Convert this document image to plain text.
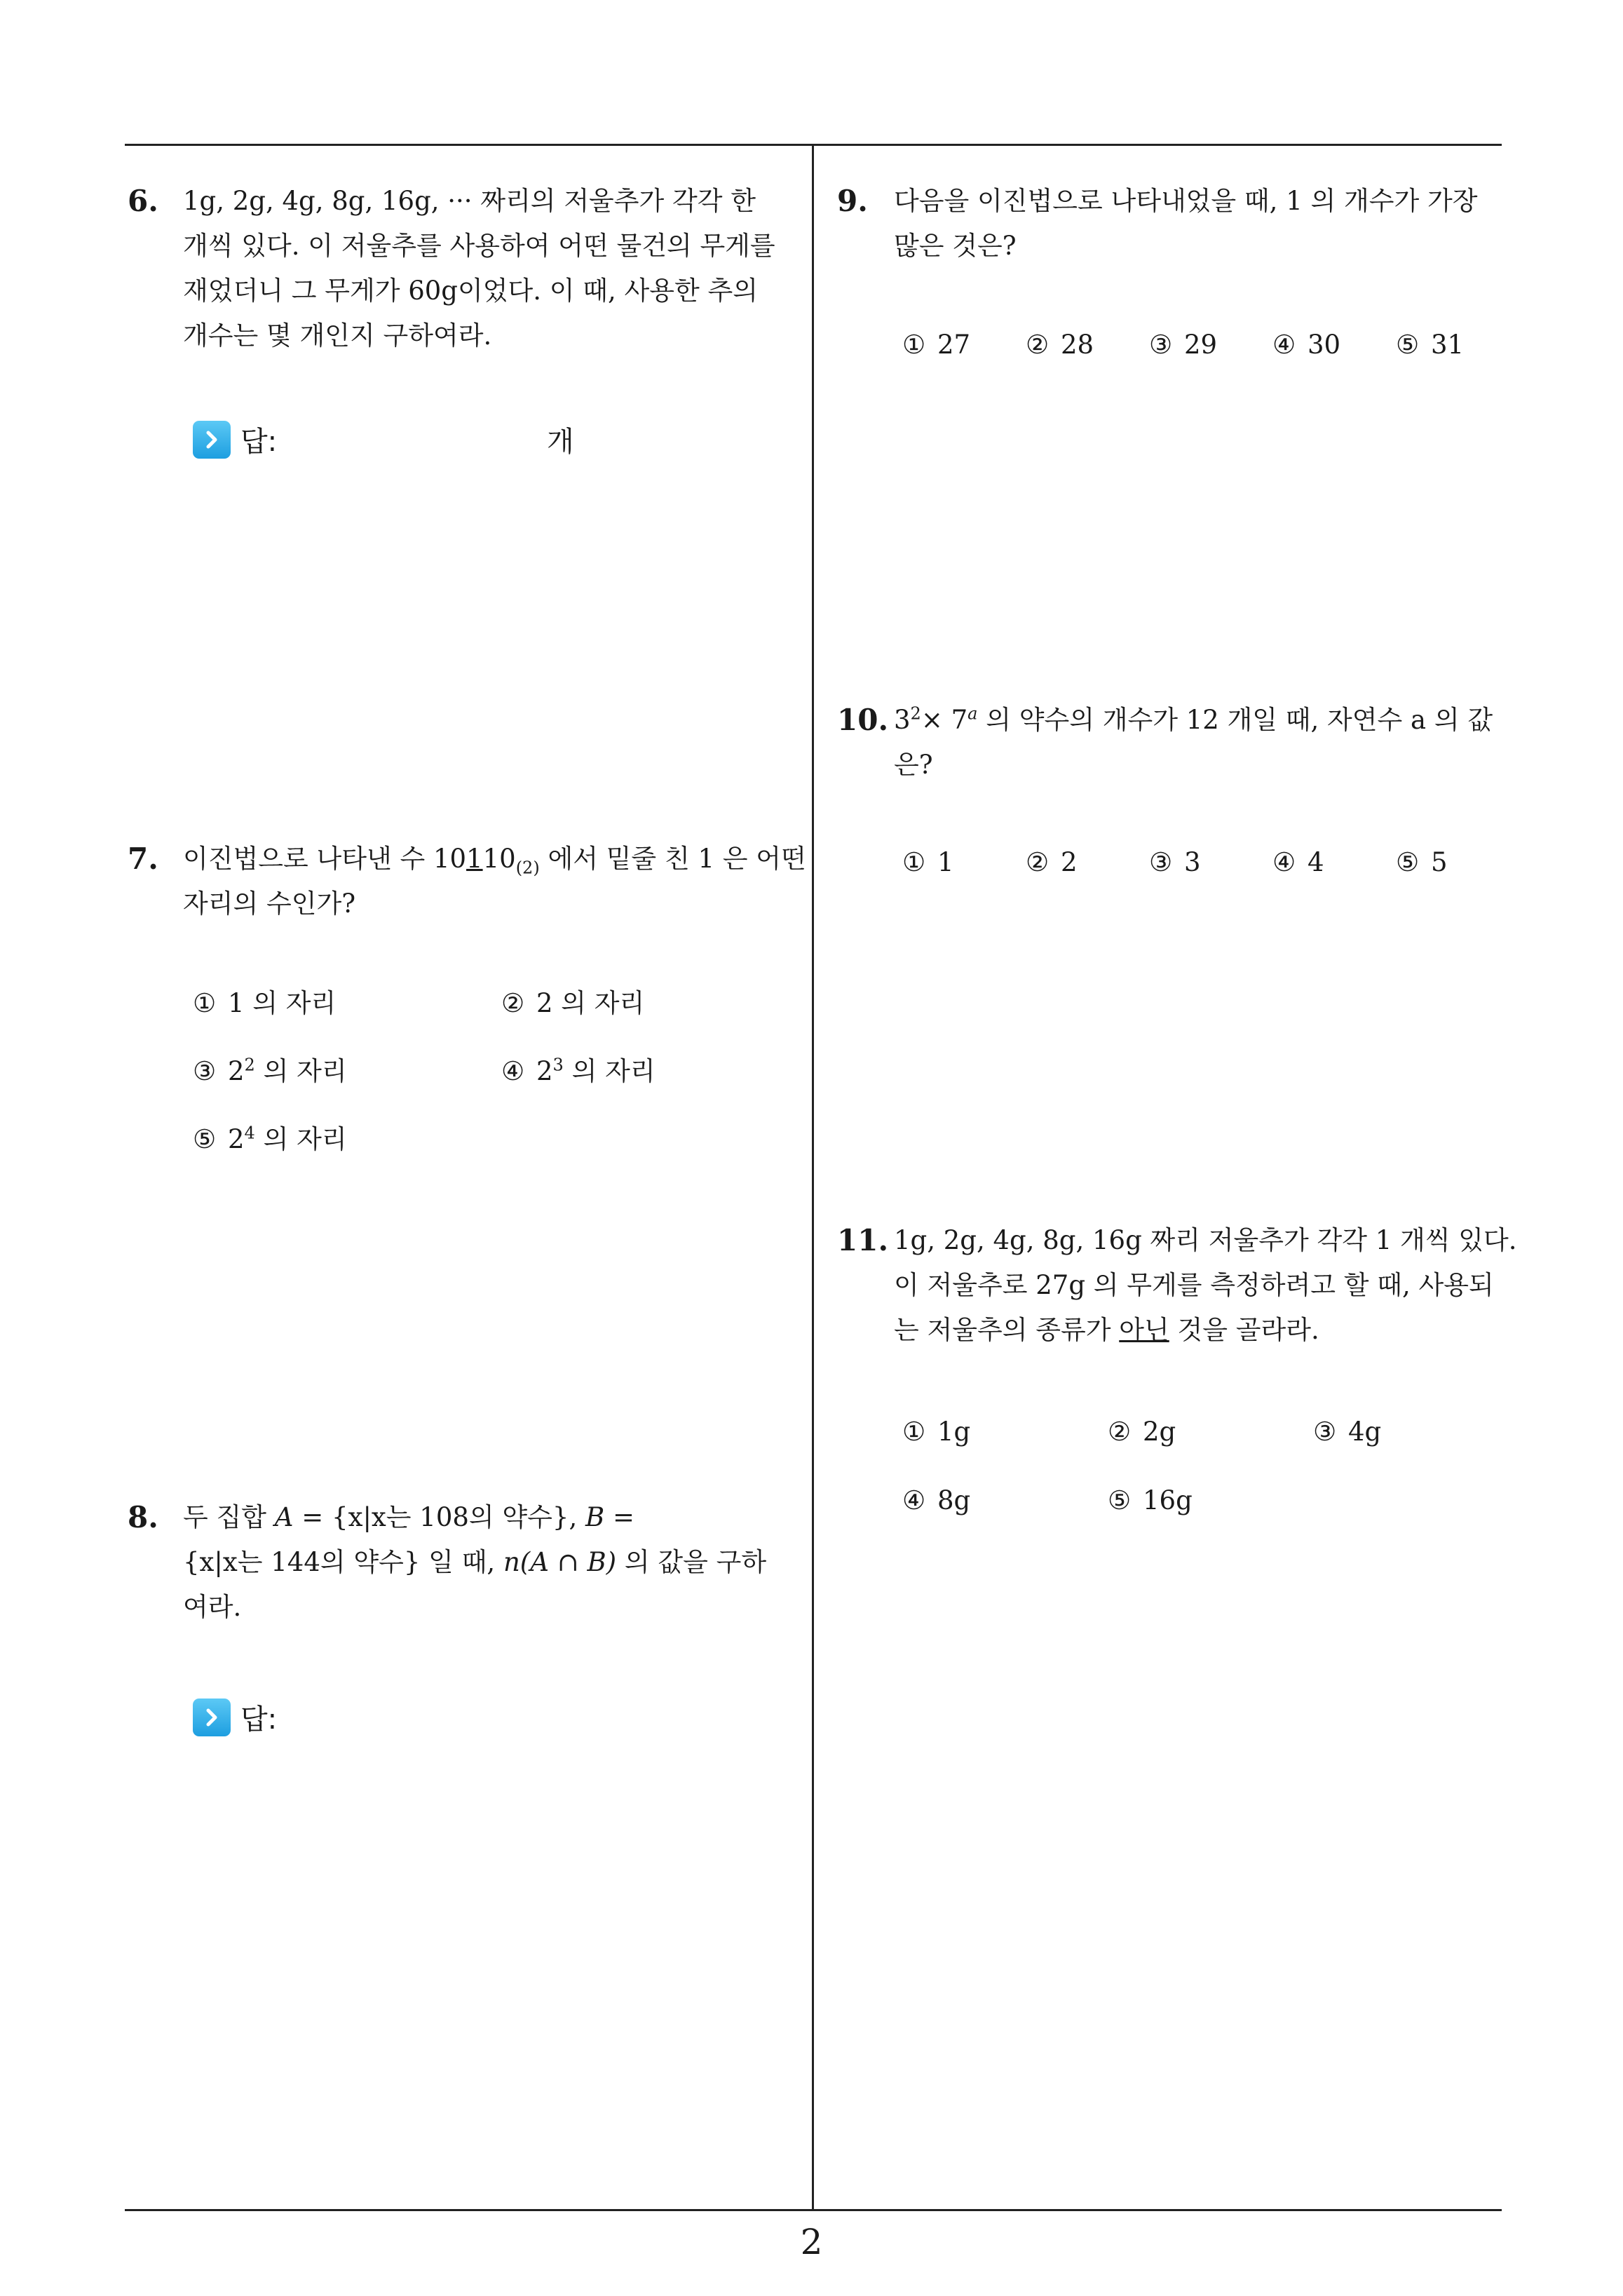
6. 1g, 2g, 4g, 8g, 16g, ··· 짜리의 저울추가 각각 한
개씩 있다. 이 저울추를 사용하여 어떤 물건의 무게를
재었더니 그 무게가 60g이었다. 이 때, 사용한 추의
개수는 몇 개인지 구하여라.
답:	개
7. 이진법으로 나타낸 수 $10110_{(2)}$ 에서 밑줄 친 1 은 어떤
자리의 수인가?
① 1 의 자리	② 2 의 자리
③ $2^2$ 의 자리	④ $2^3$ 의 자리
⑤ $2^4$ 의 자리
8. 두 집합 A = {x|x는 108의 약수}, B =
{x|x는 144의 약수} 일 때, n(A ∩ B) 의 값을 구하
여라.
답:
9. 다음을 이진법으로 나타내었을 때, 1 의 개수가 가장
많은 것은?
① 27 ② 28 ③ 29 ④ 30 ⑤ 31
10. $3^2\times 7^a$ 의 약수의 개수가 12 개일 때, 자연수 a 의 값
은?
① 1	② 2	③ 3	④ 4	⑤ 5
11. 1g, 2g, 4g, 8g, 16g 짜리 저울추가 각각 1 개씩 있다.
이 저울추로 27g 의 무게를 측정하려고 할 때, 사용되
는 저울추의 종류가 아닌 것을 골라라.
① 1g	② 2g	③ 4g
④ 8g	⑤ 16g
2
